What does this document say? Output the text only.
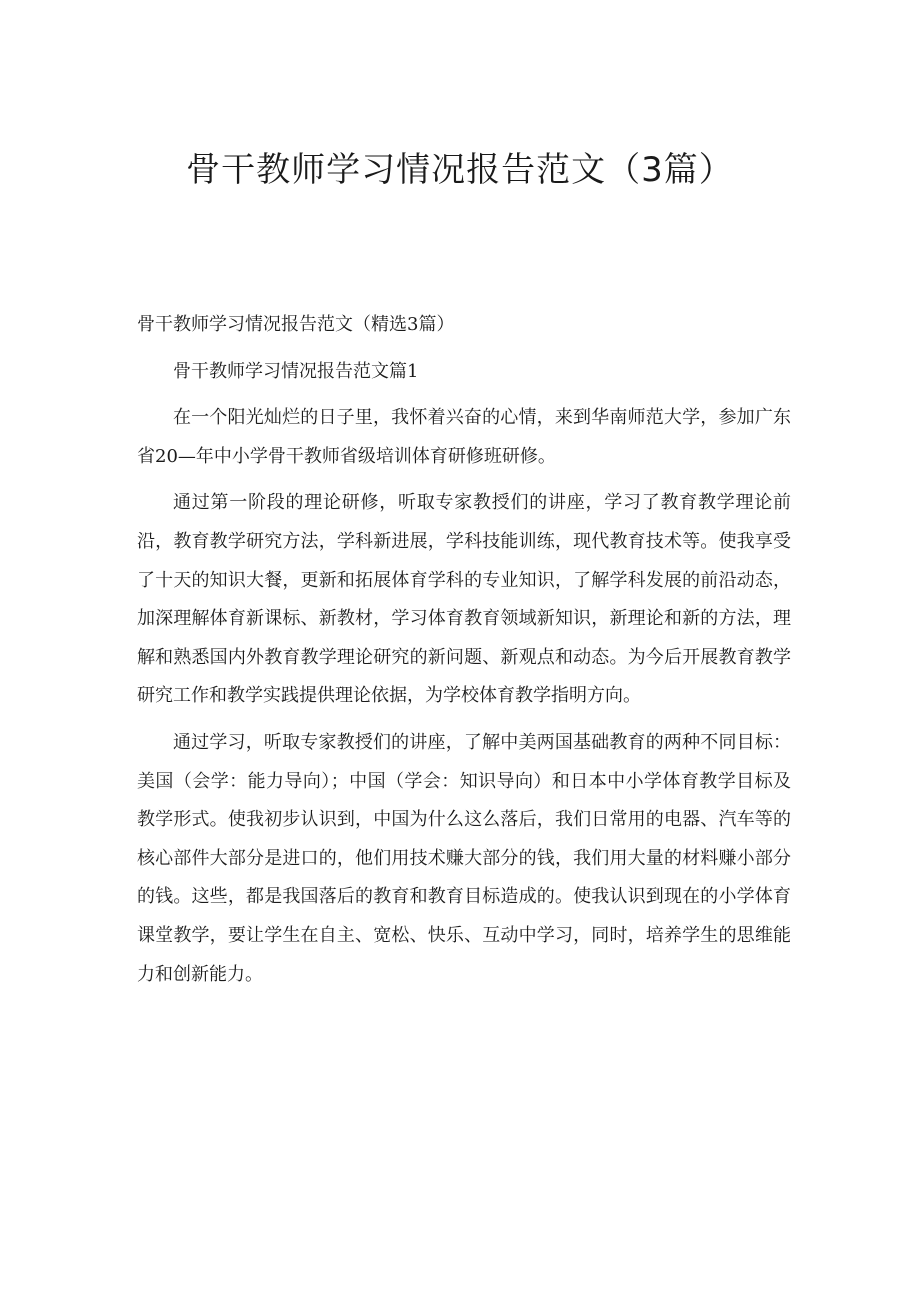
骨干教师学习情况报告范文（3篇）

骨干教师学习情况报告范文（精选3篇）

骨干教师学习情况报告范文篇1

在一个阳光灿烂的日子里，我怀着兴奋的心情，来到华南师范大学，参加广东省20—年中小学骨干教师省级培训体育研修班研修。

通过第一阶段的理论研修，听取专家教授们的讲座，学习了教育教学理论前沿，教育教学研究方法，学科新进展，学科技能训练，现代教育技术等。使我享受了十天的知识大餐，更新和拓展体育学科的专业知识，了解学科发展的前沿动态，加深理解体育新课标、新教材，学习体育教育领域新知识，新理论和新的方法，理解和熟悉国内外教育教学理论研究的新问题、新观点和动态。为今后开展教育教学研究工作和教学实践提供理论依据，为学校体育教学指明方向。

通过学习，听取专家教授们的讲座，了解中美两国基础教育的两种不同目标：美国（会学：能力导向）；中国（学会：知识导向）和日本中小学体育教学目标及教学形式。使我初步认识到，中国为什么这么落后，我们日常用的电器、汽车等的核心部件大部分是进口的，他们用技术赚大部分的钱，我们用大量的材料赚小部分的钱。这些，都是我国落后的教育和教育目标造成的。使我认识到现在的小学体育课堂教学，要让学生在自主、宽松、快乐、互动中学习，同时，培养学生的思维能力和创新能力。
